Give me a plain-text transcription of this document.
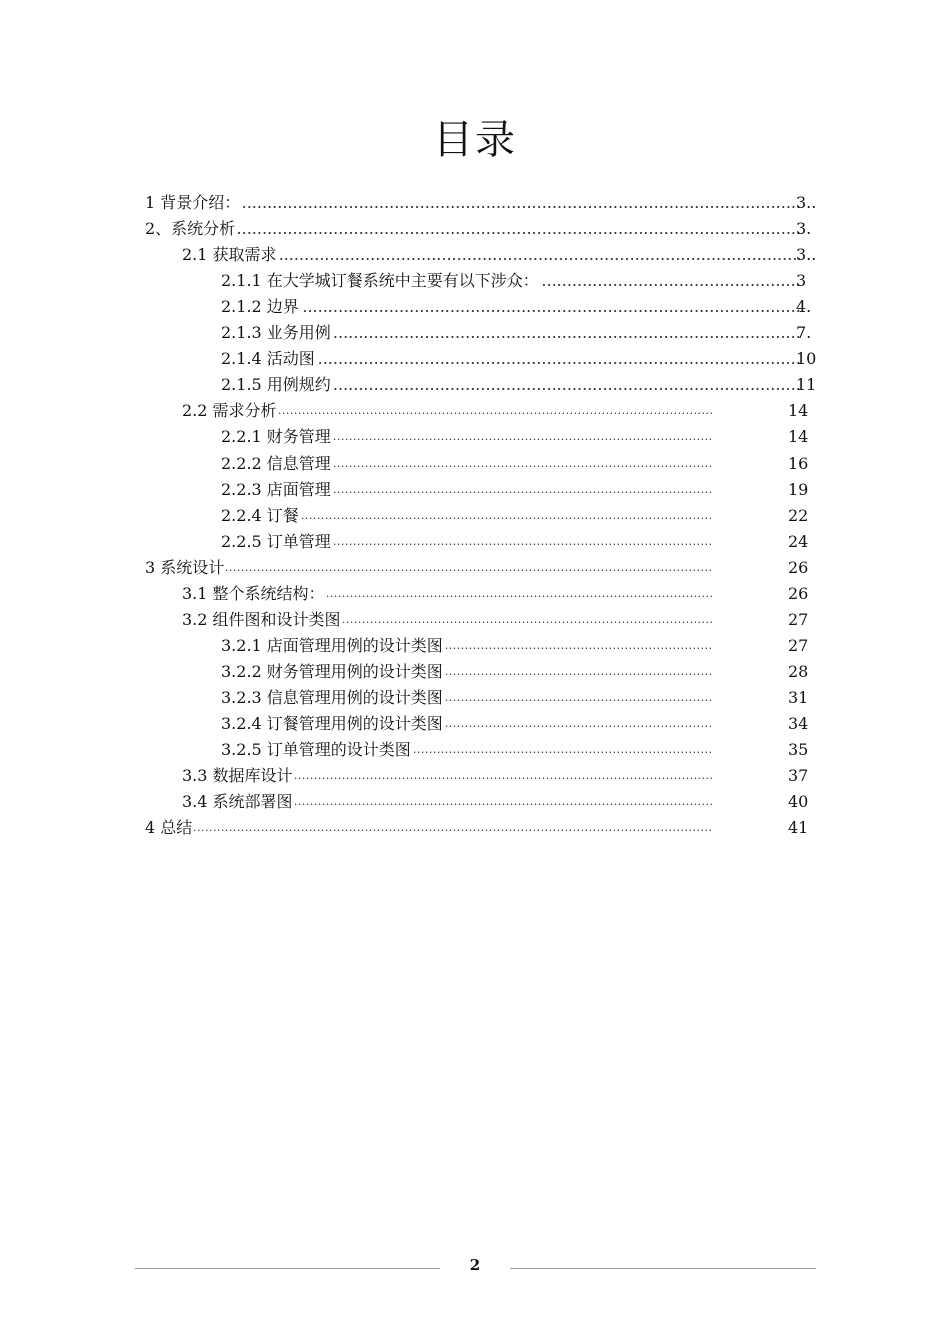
目录
.....
1 背景介绍：	3..
.....
2、系统分析	3.
.....
2.1 获取需求	3..
.....
2.1.1 在大学城订餐系统中主要有以下涉众：	3
.....
2.1.2 边界	4.
.....
2.1.3 业务用例	7.
.....
2.1.4 活动图	10
.....
2.1.5 用例规约	11
.....
2.2 需求分析	14
.....
2.2.1 财务管理	14
.....
2.2.2 信息管理	16
.....
2.2.3 店面管理	19
.....
2.2.4 订餐	22
.....
2.2.5 订单管理	24
.....
3 系统设计	26
.....
3.1 整个系统结构：	26
.....
3.2 组件图和设计类图	27
.....
3.2.1 店面管理用例的设计类图	27
.....
3.2.2 财务管理用例的设计类图	28
.....
3.2.3 信息管理用例的设计类图	31
.....
3.2.4 订餐管理用例的设计类图	34
.....
3.2.5 订单管理的设计类图	35
.....
3.3 数据库设计	37
.....
3.4 系统部署图	40
.....
4 总结	41
2
